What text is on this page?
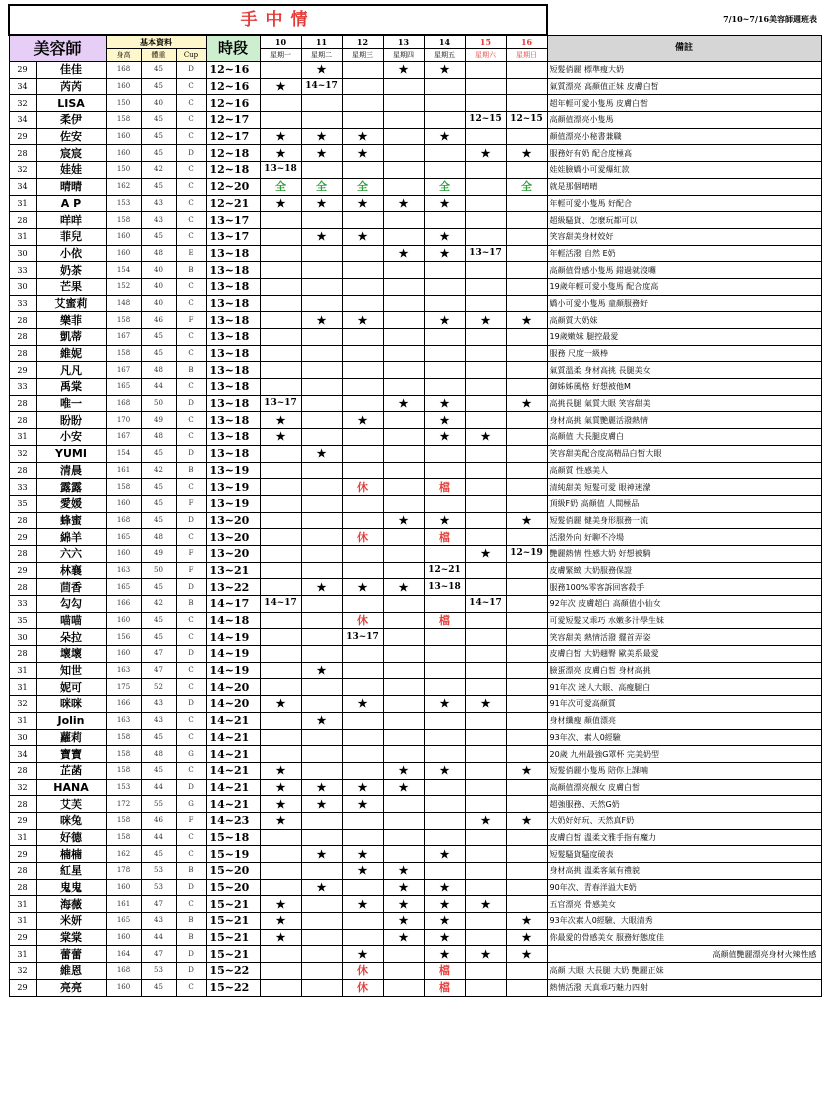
手中情													7/10~7/16美容師週班表
美容師		基本資料			時段	10	11	12	13	14	15	16	備註
		身高	體重	Cup		星期一	星期二	星期三	星期四	星期五	星期六	星期日	
29	佳佳	168	45	D	12~16		★		★	★			短髮俏麗 標準瘦大奶
34	芮芮	160	45	C	12~16	★	14~17						氣質漂亮 高顏值正妹 皮膚白皙
32	LISA	150	40	C	12~16								超年輕可愛小隻馬 皮膚白皙
34	柔伊	158	45	C	12~17						12~15	12~15	高顏值漂亮小隻馬
29	佐安	160	45	C	12~17	★	★	★		★			顏值漂亮小秘書兼職
28	宸宸	160	45	D	12~18	★	★	★			★	★	服務好有奶 配合度極高
32	娃娃	150	42	C	12~18	13~18							娃娃臉嬌小可愛爆紅款
34	晴晴	162	45	C	12~20	全	全	全		全		全	就是那個晴晴
31	A P	153	43	C	12~21	★	★	★	★	★			年輕可愛小隻馬 好配合
28	咩咩	158	43	C	13~17								超級騷貨、怎麼玩都可以
31	菲兒	160	45	C	13~17		★	★		★			笑容甜美身材姣好
30	小依	160	48	E	13~18				★	★	13~17		年輕活潑 自然 E奶
33	奶茶	154	40	B	13~18								高顏值骨感小隻馬 錯過就沒囉
30	芒果	152	40	C	13~18								19歲年輕可愛小隻馬 配合度高
33	艾蜜莉	148	40	C	13~18								嬌小可愛小隻馬 童顏服務好
28	樂菲	158	46	F	13~18		★	★		★	★	★	高顏質大奶妹
28	凱蒂	167	45	C	13~18								19歲嫩妹 腿控最愛
28	維妮	158	45	C	13~18								服務 尺度一級棒
29	凡凡	167	48	B	13~18								氣質溫柔 身材高挑 長腿美女
33	禹棠	165	44	C	13~18								御姊姊風格 好想被他M
28	唯一	168	50	D	13~18	13~17			★	★		★	高挑長腿 氣質大眼 笑容甜美
28	盼盼	170	49	C	13~18	★		★		★			身材高挑 氣質艷麗活潑熱情
31	小安	167	48	C	13~18	★				★	★		高顏值 大長腿皮膚白
32	YUMI	154	45	D	13~18		★						笑容甜美配合度高精品白皙大眼
28	清晨	161	42	B	13~19								高顏質 性感美人
33	露露	158	45	C	13~19			休		檔			清純甜美 短髮可愛 眼神迷濛
35	愛媛	160	45	F	13~19								頂級F奶 高顏值 人間極品
28	蜂蜜	168	45	D	13~20				★	★		★	短髮俏麗 健美身形服務一流
29	綿羊	165	48	C	13~20			休		檔			活潑外向 好聊不冷場
28	六六	160	49	F	13~20						★	12~19	艷麗熱情 性感大奶 好想被騎
29	林襄	163	50	F	13~21					12~21			皮膚緊緻 大奶服務保證
28	茴香	165	45	D	13~22		★	★	★	13~18			服務100%零客訴回客殺手
33	勾勾	166	42	B	14~17	14~17					14~17		92年次 皮膚超白 高顏值小仙女
35	喵喵	160	45	C	14~18			休		檔			可愛短髮又乖巧 水嫩多汁學生妹
30	朵拉	156	45	C	14~19			13~17					笑容甜美 熱情活潑 擺首弄姿
28	壞壞	160	47	D	14~19								皮膚白皙 大奶翹臀 歐美系最愛
31	知世	163	47	C	14~19		★						臉蛋漂亮 皮膚白皙 身材高挑
31	妮可	175	52	C	14~20								91年次 迷人大眼、高瘦腿白
32	咪咪	166	43	D	14~20	★		★		★	★		91年次可愛高顏質
31	Jolin	163	43	C	14~21		★						身材纖瘦 顏值漂亮
30	蘿莉	158	45	C	14~21								93年次、素人0經驗
34	寶寶	158	48	G	14~21								20歲 九州最強G罩杯 完美奶型
28	芷菡	158	45	C	14~21	★			★	★		★	短髮俏麗小隻馬 陪你上課喃
32	HANA	153	44	D	14~21	★	★	★	★				高顏值漂亮靚女 皮膚白皙
28	艾芙	172	55	G	14~21	★	★	★					超強服務、天然G奶
29	咪兔	158	46	F	14~23	★					★	★	大奶好好玩、天然真F奶
31	好德	158	44	C	15~18								皮膚白皙 溫柔文雅手指有魔力
29	楠楠	162	45	C	15~19		★	★		★			短髮騷貨騷度破表
28	紅星	178	53	B	15~20			★	★				身材高挑 溫柔客氣有禮貌
28	鬼鬼	160	53	D	15~20		★		★	★			90年次、青春洋溢大E奶
31	海薇	161	47	C	15~21	★		★	★	★	★		五官漂亮 骨感美女
31	米妍	165	43	B	15~21	★			★	★		★	93年次素人0經驗、大眼清秀
29	棠棠	160	44	B	15~21	★			★	★		★	你最愛的骨感美女 服務好態度佳
31	蕾蕾	164	47	D	15~21			★		★	★	★	高顏值艷麗漂亮身材火辣性感
32	維恩	168	53	D	15~22			休		檔			高顏 大眼 大長腿 大奶 艷麗正妹
29	亮亮	160	45	C	15~22			休		檔			熱情活潑 天真乖巧魅力四射
